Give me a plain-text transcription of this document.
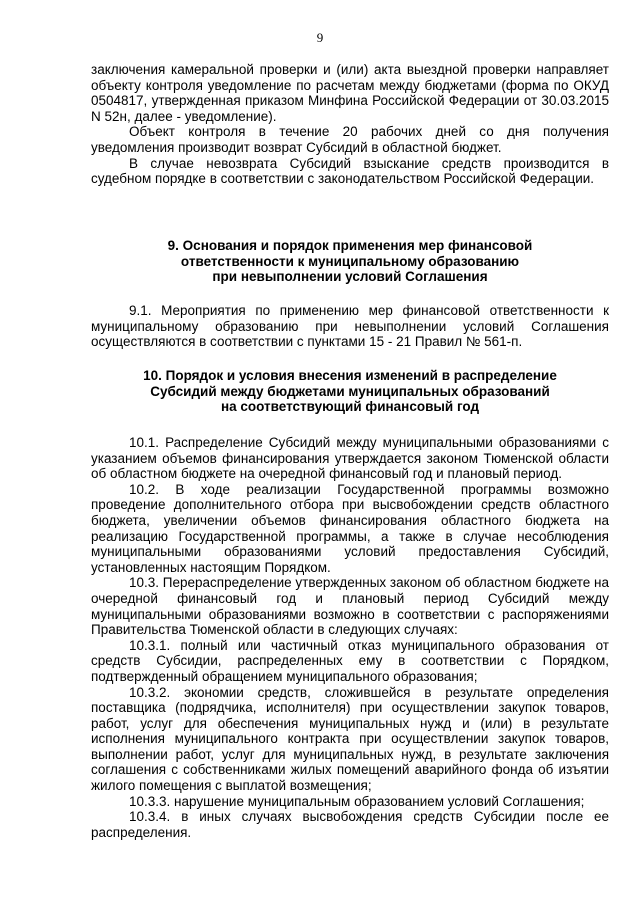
9

заключения камеральной проверки и (или) акта выездной проверки направляет объекту контроля уведомление по расчетам между бюджетами (форма по ОКУД 0504817, утвержденная приказом Минфина Российской Федерации от 30.03.2015 N 52н, далее - уведомление).

Объект контроля в течение 20 рабочих дней со дня получения уведомления производит возврат Субсидий в областной бюджет.

В случае невозврата Субсидий взыскание средств производится в судебном порядке в соответствии с законодательством Российской Федерации.

9. Основания и порядок применения мер финансовой
ответственности к муниципальному образованию
при невыполнении условий Соглашения

9.1. Мероприятия по применению мер финансовой ответственности к муниципальному образованию при невыполнении условий Соглашения осуществляются в соответствии с пунктами 15 - 21 Правил № 561-п.

10. Порядок и условия внесения изменений в распределение
Субсидий между бюджетами муниципальных образований
на соответствующий финансовый год

10.1. Распределение Субсидий между муниципальными образованиями с указанием объемов финансирования утверждается законом Тюменской области об областном бюджете на очередной финансовый год и плановый период.

10.2. В ходе реализации Государственной программы возможно проведение дополнительного отбора при высвобождении средств областного бюджета, увеличении объемов финансирования областного бюджета на реализацию Государственной программы, а также в случае несоблюдения муниципальными образованиями условий предоставления Субсидий, установленных настоящим Порядком.

10.3. Перераспределение утвержденных законом об областном бюджете на очередной финансовый год и плановый период Субсидий между муниципальными образованиями возможно в соответствии с распоряжениями Правительства Тюменской области в следующих случаях:

10.3.1. полный или частичный отказ муниципального образования от средств Субсидии, распределенных ему в соответствии с Порядком, подтвержденный обращением муниципального образования;

10.3.2. экономии средств, сложившейся в результате определения поставщика (подрядчика, исполнителя) при осуществлении закупок товаров, работ, услуг для обеспечения муниципальных нужд и (или) в результате исполнения муниципального контракта при осуществлении закупок товаров, выполнении работ, услуг для муниципальных нужд, в результате заключения соглашения с собственниками жилых помещений аварийного фонда об изъятии жилого помещения с выплатой возмещения;

10.3.3. нарушение муниципальным образованием условий Соглашения;

10.3.4. в иных случаях высвобождения средств Субсидии после ее распределения.
